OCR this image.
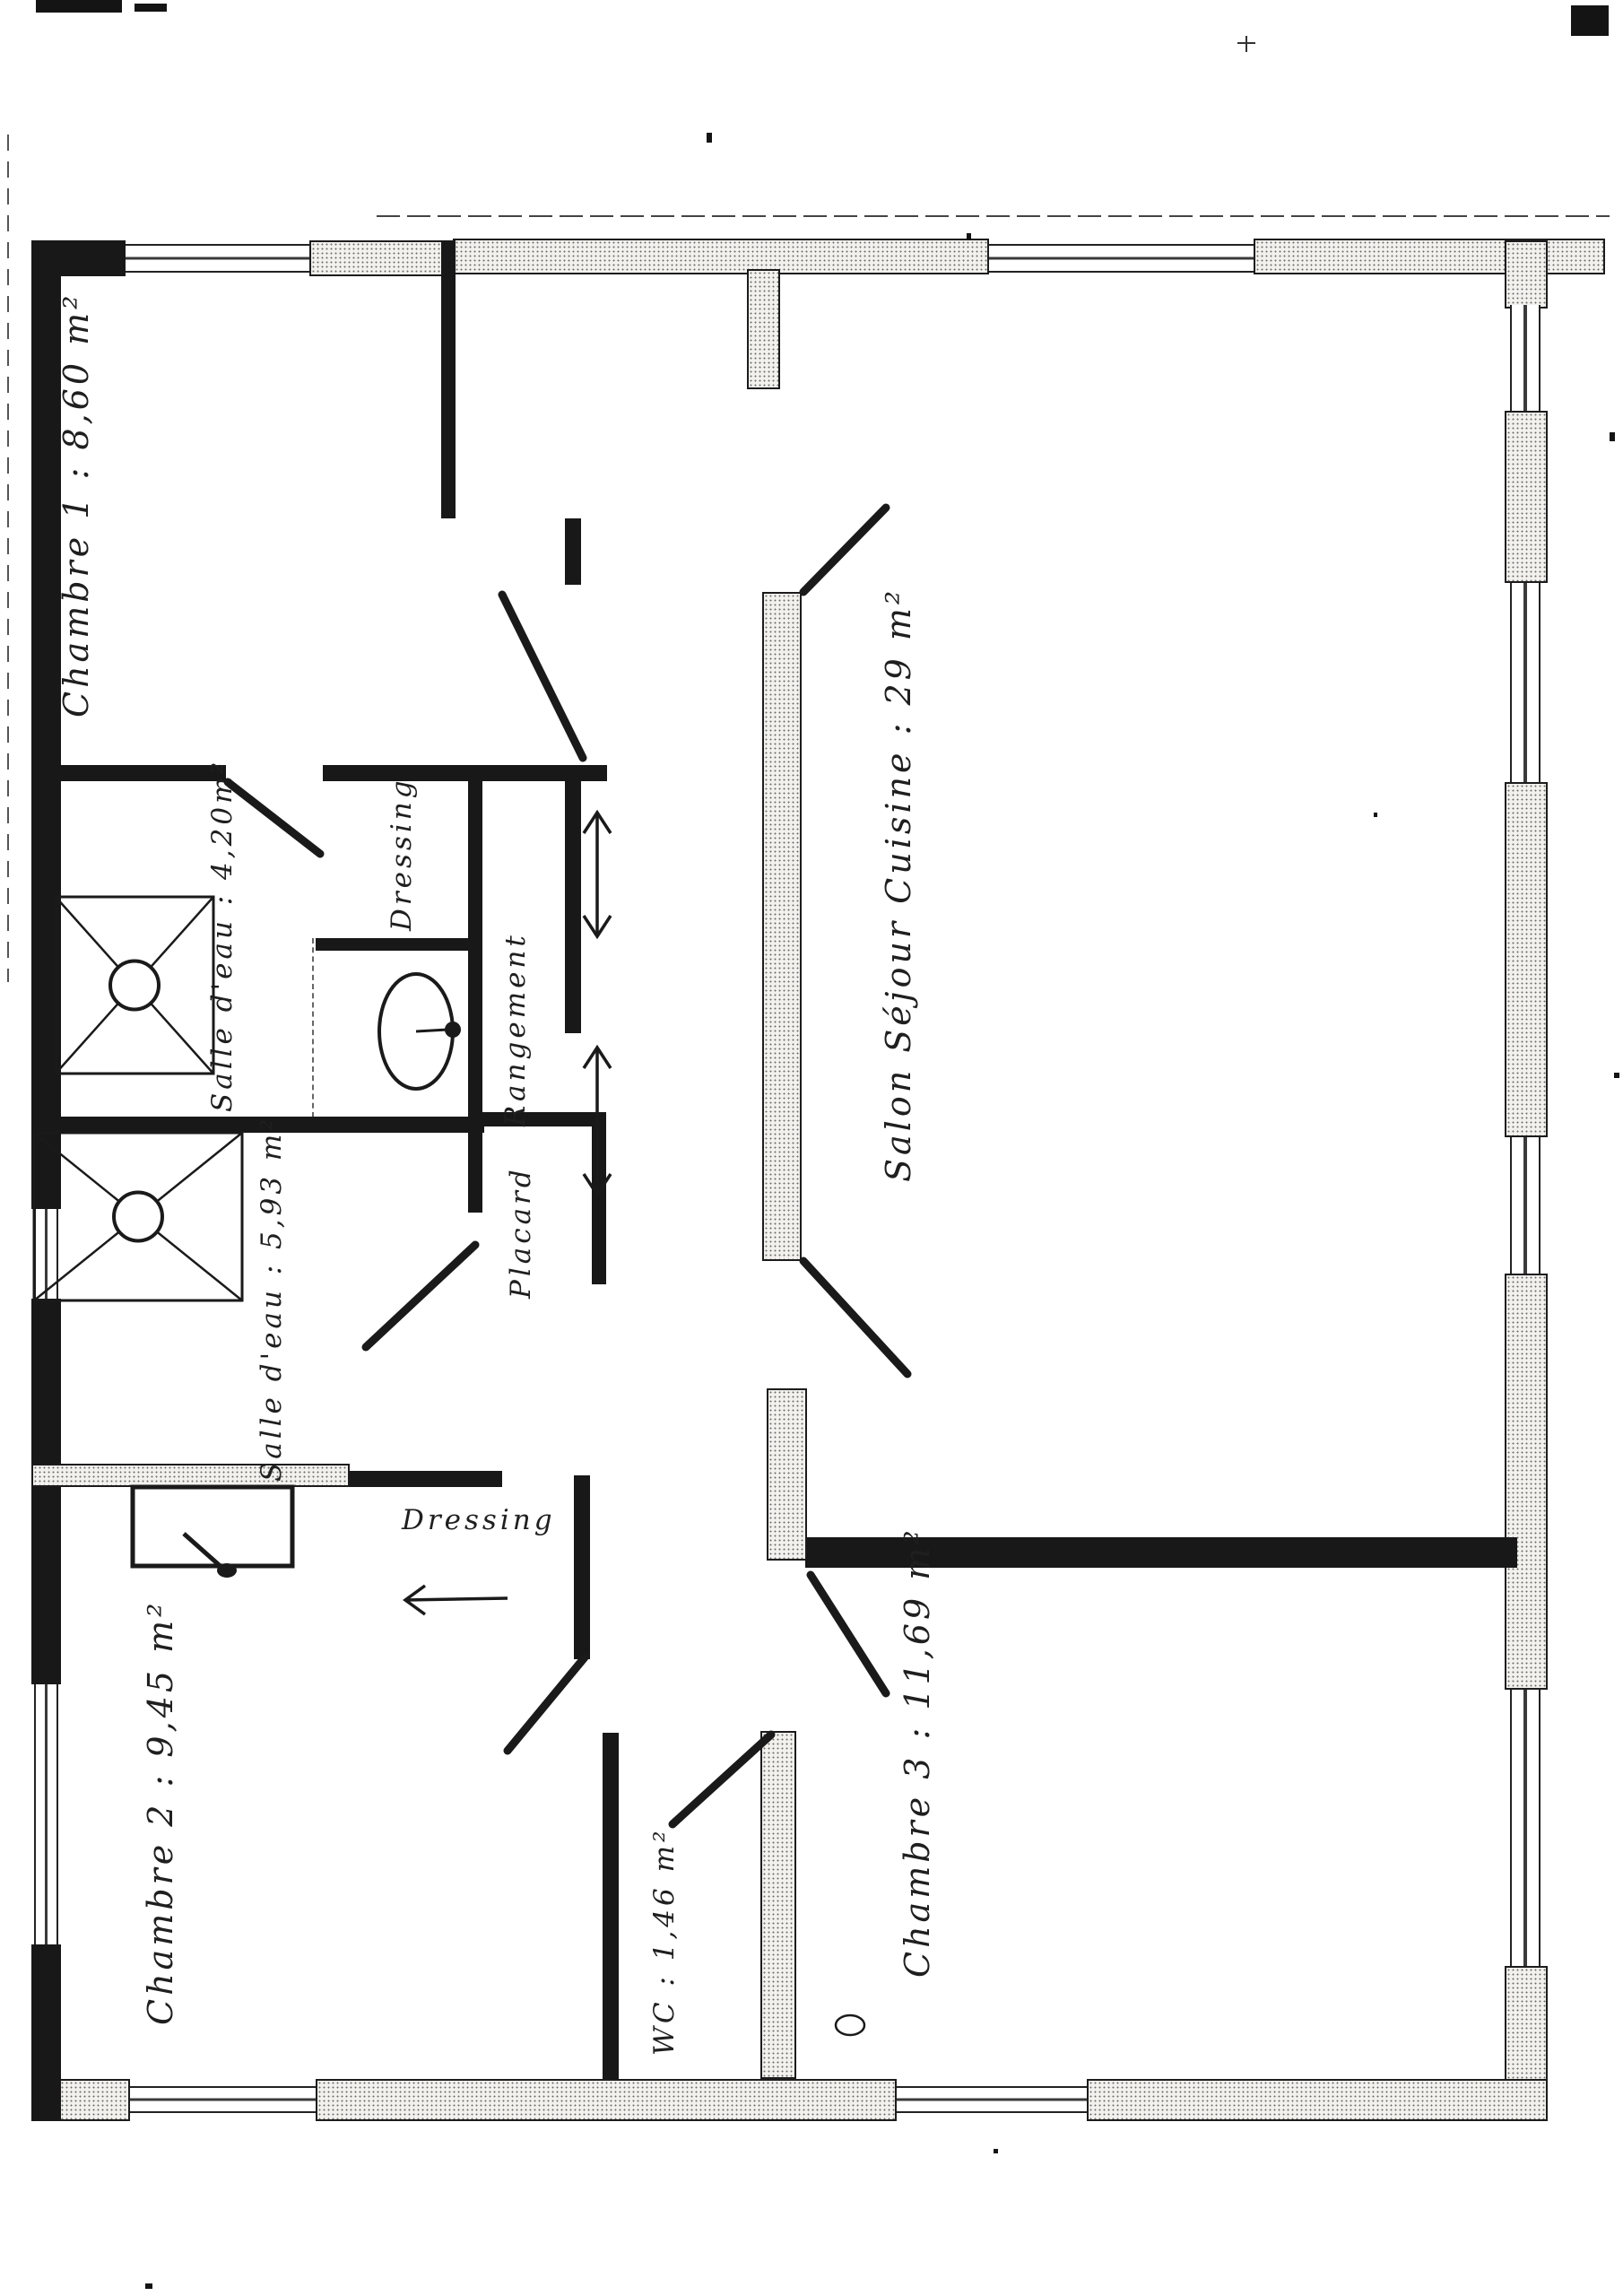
Chambre 1 : 8,60 m²
Salle d'eau : 4,20m²	Dressing
Rangement
Salle d'eau : 5,93 m²	Placard
Salon Séjour Cuisine : 29 m²
Chambre 2 : 9,45 m²
Dressing
WC : 1,46 m²	Chambre 3 : 11,69 m²
